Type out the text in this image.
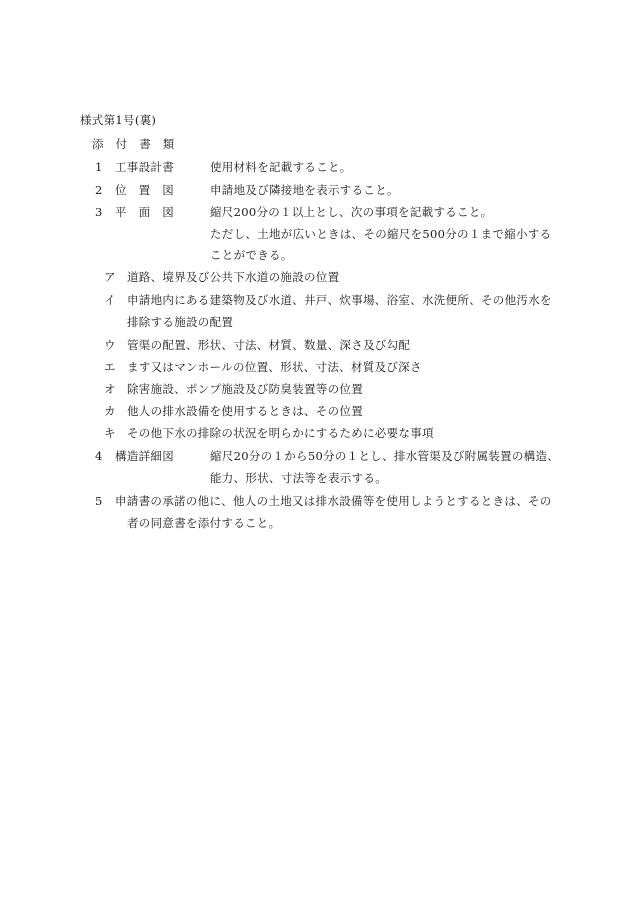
様式第1号(裏)
添　付　書　類
1 工事設計書	使用材料を記載すること。
2 位　置　図	申請地及び隣接地を表示すること。
3 平　面　図	縮尺200分の１以上とし、次の事項を記載すること。
ただし、土地が広いときは、その縮尺を500分の１まで縮小する
ことができる。
ア 道路、境界及び公共下水道の施設の位置
イ 申請地内にある建築物及び水道、井戸、炊事場、浴室、水洗便所、その他汚水を
排除する施設の配置
ウ 管渠の配置、形状、寸法、材質、数量、深さ及び勾配
エ ます又はマンホールの位置、形状、寸法、材質及び深さ
オ 除害施設、ポンプ施設及び防臭装置等の位置
カ 他人の排水設備を使用するときは、その位置
キ その他下水の排除の状況を明らかにするために必要な事項
4 構造詳細図	縮尺20分の１から50分の１とし、排水管渠及び附属装置の構造、
能力、形状、寸法等を表示する。
5 申請書の承諾の他に、他人の土地又は排水設備等を使用しようとするときは、その
者の同意書を添付すること。
